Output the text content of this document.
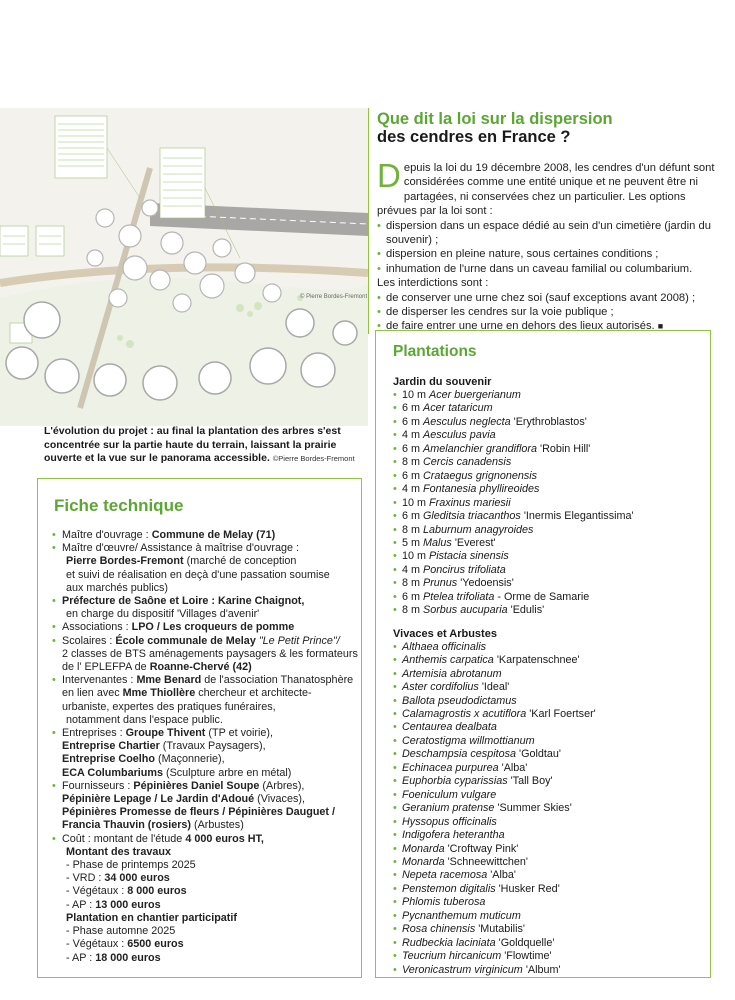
© Pierre Bordes-Fremont
L'évolution du projet : au final la plantation des arbres s'est concentrée sur la partie haute du terrain, laissant la prairie ouverte et la vue sur le panorama accessible. ©Pierre Bordes-Fremont
Que dit la loi sur la dispersion
des cendres en France ?

Depuis la loi du 19 décembre 2008, les cendres d'un défunt sont considérées comme une entité unique et ne peuvent être ni partagées, ni conservées chez un particulier. Les options prévues par la loi sont :

• dispersion dans un espace dédié au sein d'un cimetière (jardin du souvenir) ;
• dispersion en pleine nature, sous certaines conditions ;
• inhumation de l'urne dans un caveau familial ou columbarium.

Les interdictions sont :

• de conserver une urne chez soi (sauf exceptions avant 2008) ;
• de disperser les cendres sur la voie publique ;
• de faire entrer une urne en dehors des lieux autorisés. ■
Plantations
Jardin du souvenir
• 10 m Acer buergerianum
• 6 m Acer tataricum
• 6 m Aesculus neglecta 'Erythroblastos'
• 4 m Aesculus pavia
• 6 m Amelanchier grandiflora 'Robin Hill'
• 8 m Cercis canadensis
• 6 m Crataegus grignonensis
• 4 m Fontanesia phyllireoides
• 10 m Fraxinus mariesii
• 6 m Gleditsia triacanthos 'Inermis Elegantissima'
• 8 m Laburnum anagyroides
• 5 m Malus 'Everest'
• 10 m Pistacia sinensis
• 4 m Poncirus trifoliata
• 8 m Prunus 'Yedoensis'
• 6 m Ptelea trifoliata - Orme de Samarie
• 8 m Sorbus aucuparia 'Edulis'
Vivaces et Arbustes
• Althaea officinalis
• Anthemis carpatica 'Karpatenschnee'
• Artemisia abrotanum
• Aster cordifolius 'Ideal'
• Ballota pseudodictamus
• Calamagrostis x acutiflora 'Karl Foertser'
• Centaurea dealbata
• Ceratostigma willmottianum
• Deschampsia cespitosa 'Goldtau'
• Echinacea purpurea 'Alba'
• Euphorbia cyparissias 'Tall Boy'
• Foeniculum vulgare
• Geranium pratense 'Summer Skies'
• Hyssopus officinalis
• Indigofera heterantha
• Monarda 'Croftway Pink'
• Monarda 'Schneewittchen'
• Nepeta racemosa 'Alba'
• Penstemon digitalis 'Husker Red'
• Phlomis tuberosa
• Pycnanthemum muticum
• Rosa chinensis 'Mutabilis'
• Rudbeckia laciniata 'Goldquelle'
• Teucrium hircanicum 'Flowtime'
• Veronicastrum virginicum 'Album'
Fiche technique
• Maître d'ouvrage : Commune de Melay (71)
• Maître d'œuvre/ Assistance à maîtrise d'ouvrage :
Pierre Bordes-Fremont (marché de conception
et suivi de réalisation en deçà d'une passation soumise
aux marchés publics)
• Préfecture de Saône et Loire : Karine Chaignot,
en charge du dispositif 'Villages d'avenir'
• Associations : LPO / Les croqueurs de pomme
• Scolaires : École communale de Melay "Le Petit Prince"/
2 classes de BTS aménagements paysagers & les formateurs
de l' EPLEFPA de Roanne-Chervé (42)
• Intervenantes : Mme Benard de l'association Thanatosphère
en lien avec Mme Thiollère chercheur et architecte-
urbaniste, expertes des pratiques funéraires,
notamment dans l'espace public.
• Entreprises : Groupe Thivent (TP et voirie),
Entreprise Chartier (Travaux Paysagers),
Entreprise Coelho (Maçonnerie),
ECA Columbariums (Sculpture arbre en métal)
• Fournisseurs : Pépinières Daniel Soupe (Arbres),
Pépinière Lepage / Le Jardin d'Adoué (Vivaces),
Pépinières Promesse de fleurs / Pépinières Dauguet /
Francia Thauvin (rosiers) (Arbustes)
• Coût : montant de l'étude 4 000 euros HT,
Montant des travaux
- Phase de printemps 2025
- VRD : 34 000 euros
- Végétaux : 8 000 euros
- AP : 13 000 euros
Plantation en chantier participatif
- Phase automne 2025
- Végétaux : 6500 euros
- AP : 18 000 euros
